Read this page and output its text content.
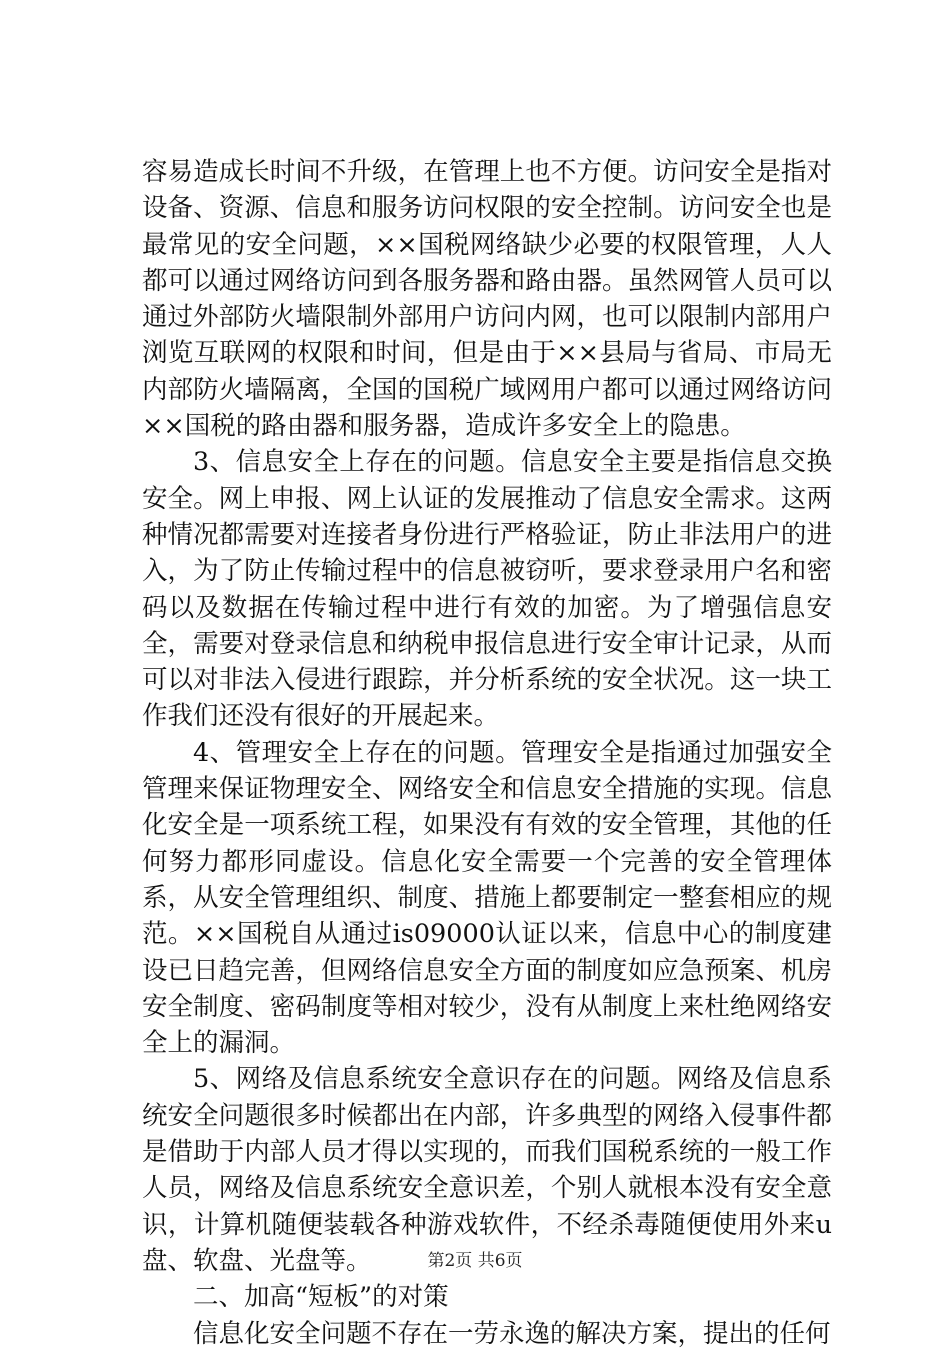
容易造成长时间不升级，在管理上也不方便。访问安全是指对设备、资源、信息和服务访问权限的安全控制。访问安全也是最常见的安全问题，××国税网络缺少必要的权限管理，人人都可以通过网络访问到各服务器和路由器。虽然网管人员可以通过外部防火墙限制外部用户访问内网，也可以限制内部用户浏览互联网的权限和时间，但是由于××县局与省局、市局无内部防火墙隔离，全国的国税广域网用户都可以通过网络访问××国税的路由器和服务器，造成许多安全上的隐患。

3、信息安全上存在的问题。信息安全主要是指信息交换安全。网上申报、网上认证的发展推动了信息安全需求。这两种情况都需要对连接者身份进行严格验证，防止非法用户的进入，为了防止传输过程中的信息被窃听，要求登录用户名和密码以及数据在传输过程中进行有效的加密。为了增强信息安全，需要对登录信息和纳税申报信息进行安全审计记录，从而可以对非法入侵进行跟踪，并分析系统的安全状况。这一块工作我们还没有很好的开展起来。

4、管理安全上存在的问题。管理安全是指通过加强安全管理来保证物理安全、网络安全和信息安全措施的实现。信息化安全是一项系统工程，如果没有有效的安全管理，其他的任何努力都形同虚设。信息化安全需要一个完善的安全管理体系，从安全管理组织、制度、措施上都要制定一整套相应的规范。××国税自从通过is09000认证以来，信息中心的制度建设已日趋完善，但网络信息安全方面的制度如应急预案、机房安全制度、密码制度等相对较少，没有从制度上来杜绝网络安全上的漏洞。

5、网络及信息系统安全意识存在的问题。网络及信息系统安全问题很多时候都出在内部，许多典型的网络入侵事件都是借助于内部人员才得以实现的，而我们国税系统的一般工作人员，网络及信息系统安全意识差，个别人就根本没有安全意识，计算机随便装载各种游戏软件，不经杀毒随便使用外来u盘、软盘、光盘等。

二、加高“短板”的对策

信息化安全问题不存在一劳永逸的解决方案，提出的任何

第2页 共6页
